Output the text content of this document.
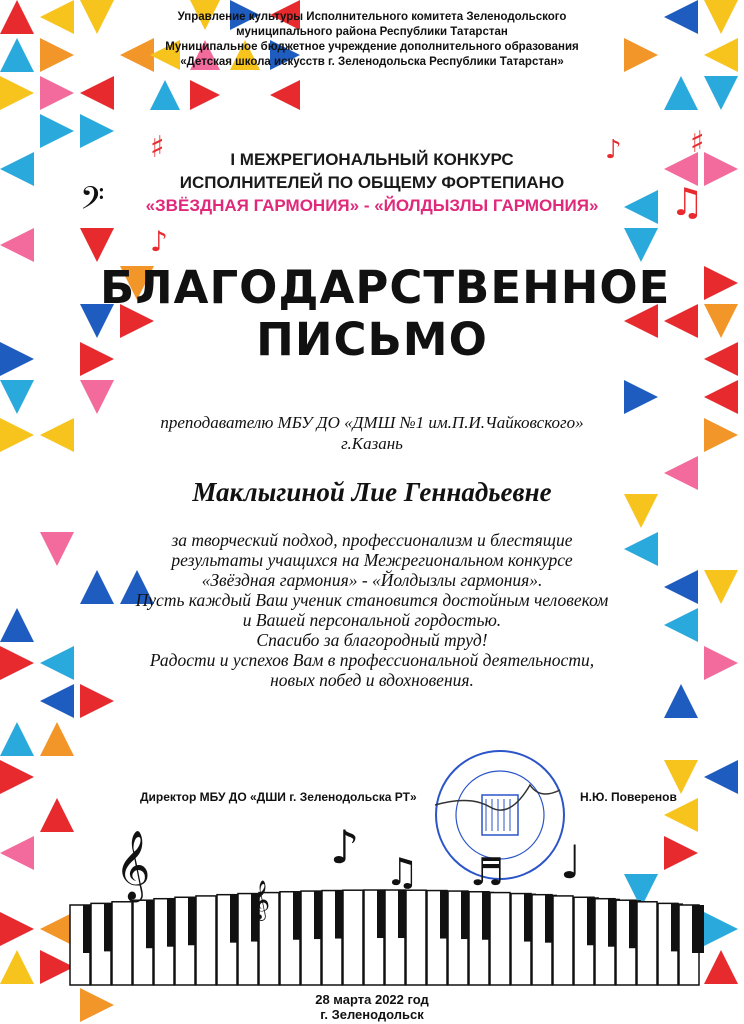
Управление культуры Исполнительного комитета Зеленодольского
муниципального района Республики Татарстан
Муниципальное бюджетное учреждение дополнительного образования
«Детская школа искусств г. Зеленодольска Республики Татарстан»
I МЕЖРЕГИОНАЛЬНЫЙ КОНКУРС
ИСПОЛНИТЕЛЕЙ ПО ОБЩЕМУ ФОРТЕПИАНО
«ЗВЁЗДНАЯ ГАРМОНИЯ» - «ЙОЛДЫЗЛЫ ГАРМОНИЯ»
БЛАГОДАРСТВЕННОЕ
ПИСЬМО
преподавателю МБУ ДО «ДМШ №1 им.П.И.Чайковского»
г.Казань
Маклыгиной Лие Геннадьевне
за творческий подход, профессионализм и блестящие
результаты учащихся на Межрегиональном конкурсе
«Звёздная гармония» - «Йолдызлы гармония».
Пусть каждый Ваш ученик становится достойным человеком
и Вашей персональной гордостью.
Спасибо за благородный труд!
Радости и успехов Вам в профессиональной деятельности,
новых побед и вдохновения.
Директор МБУ ДО «ДШИ г. Зеленодольска РТ»	Н.Ю. Поверенов
28 марта 2022 год
г. Зеленодольск
♯
𝄢
♪
♯
♪
♫
𝄞	♪ ♫	♩
𝄞
♬
